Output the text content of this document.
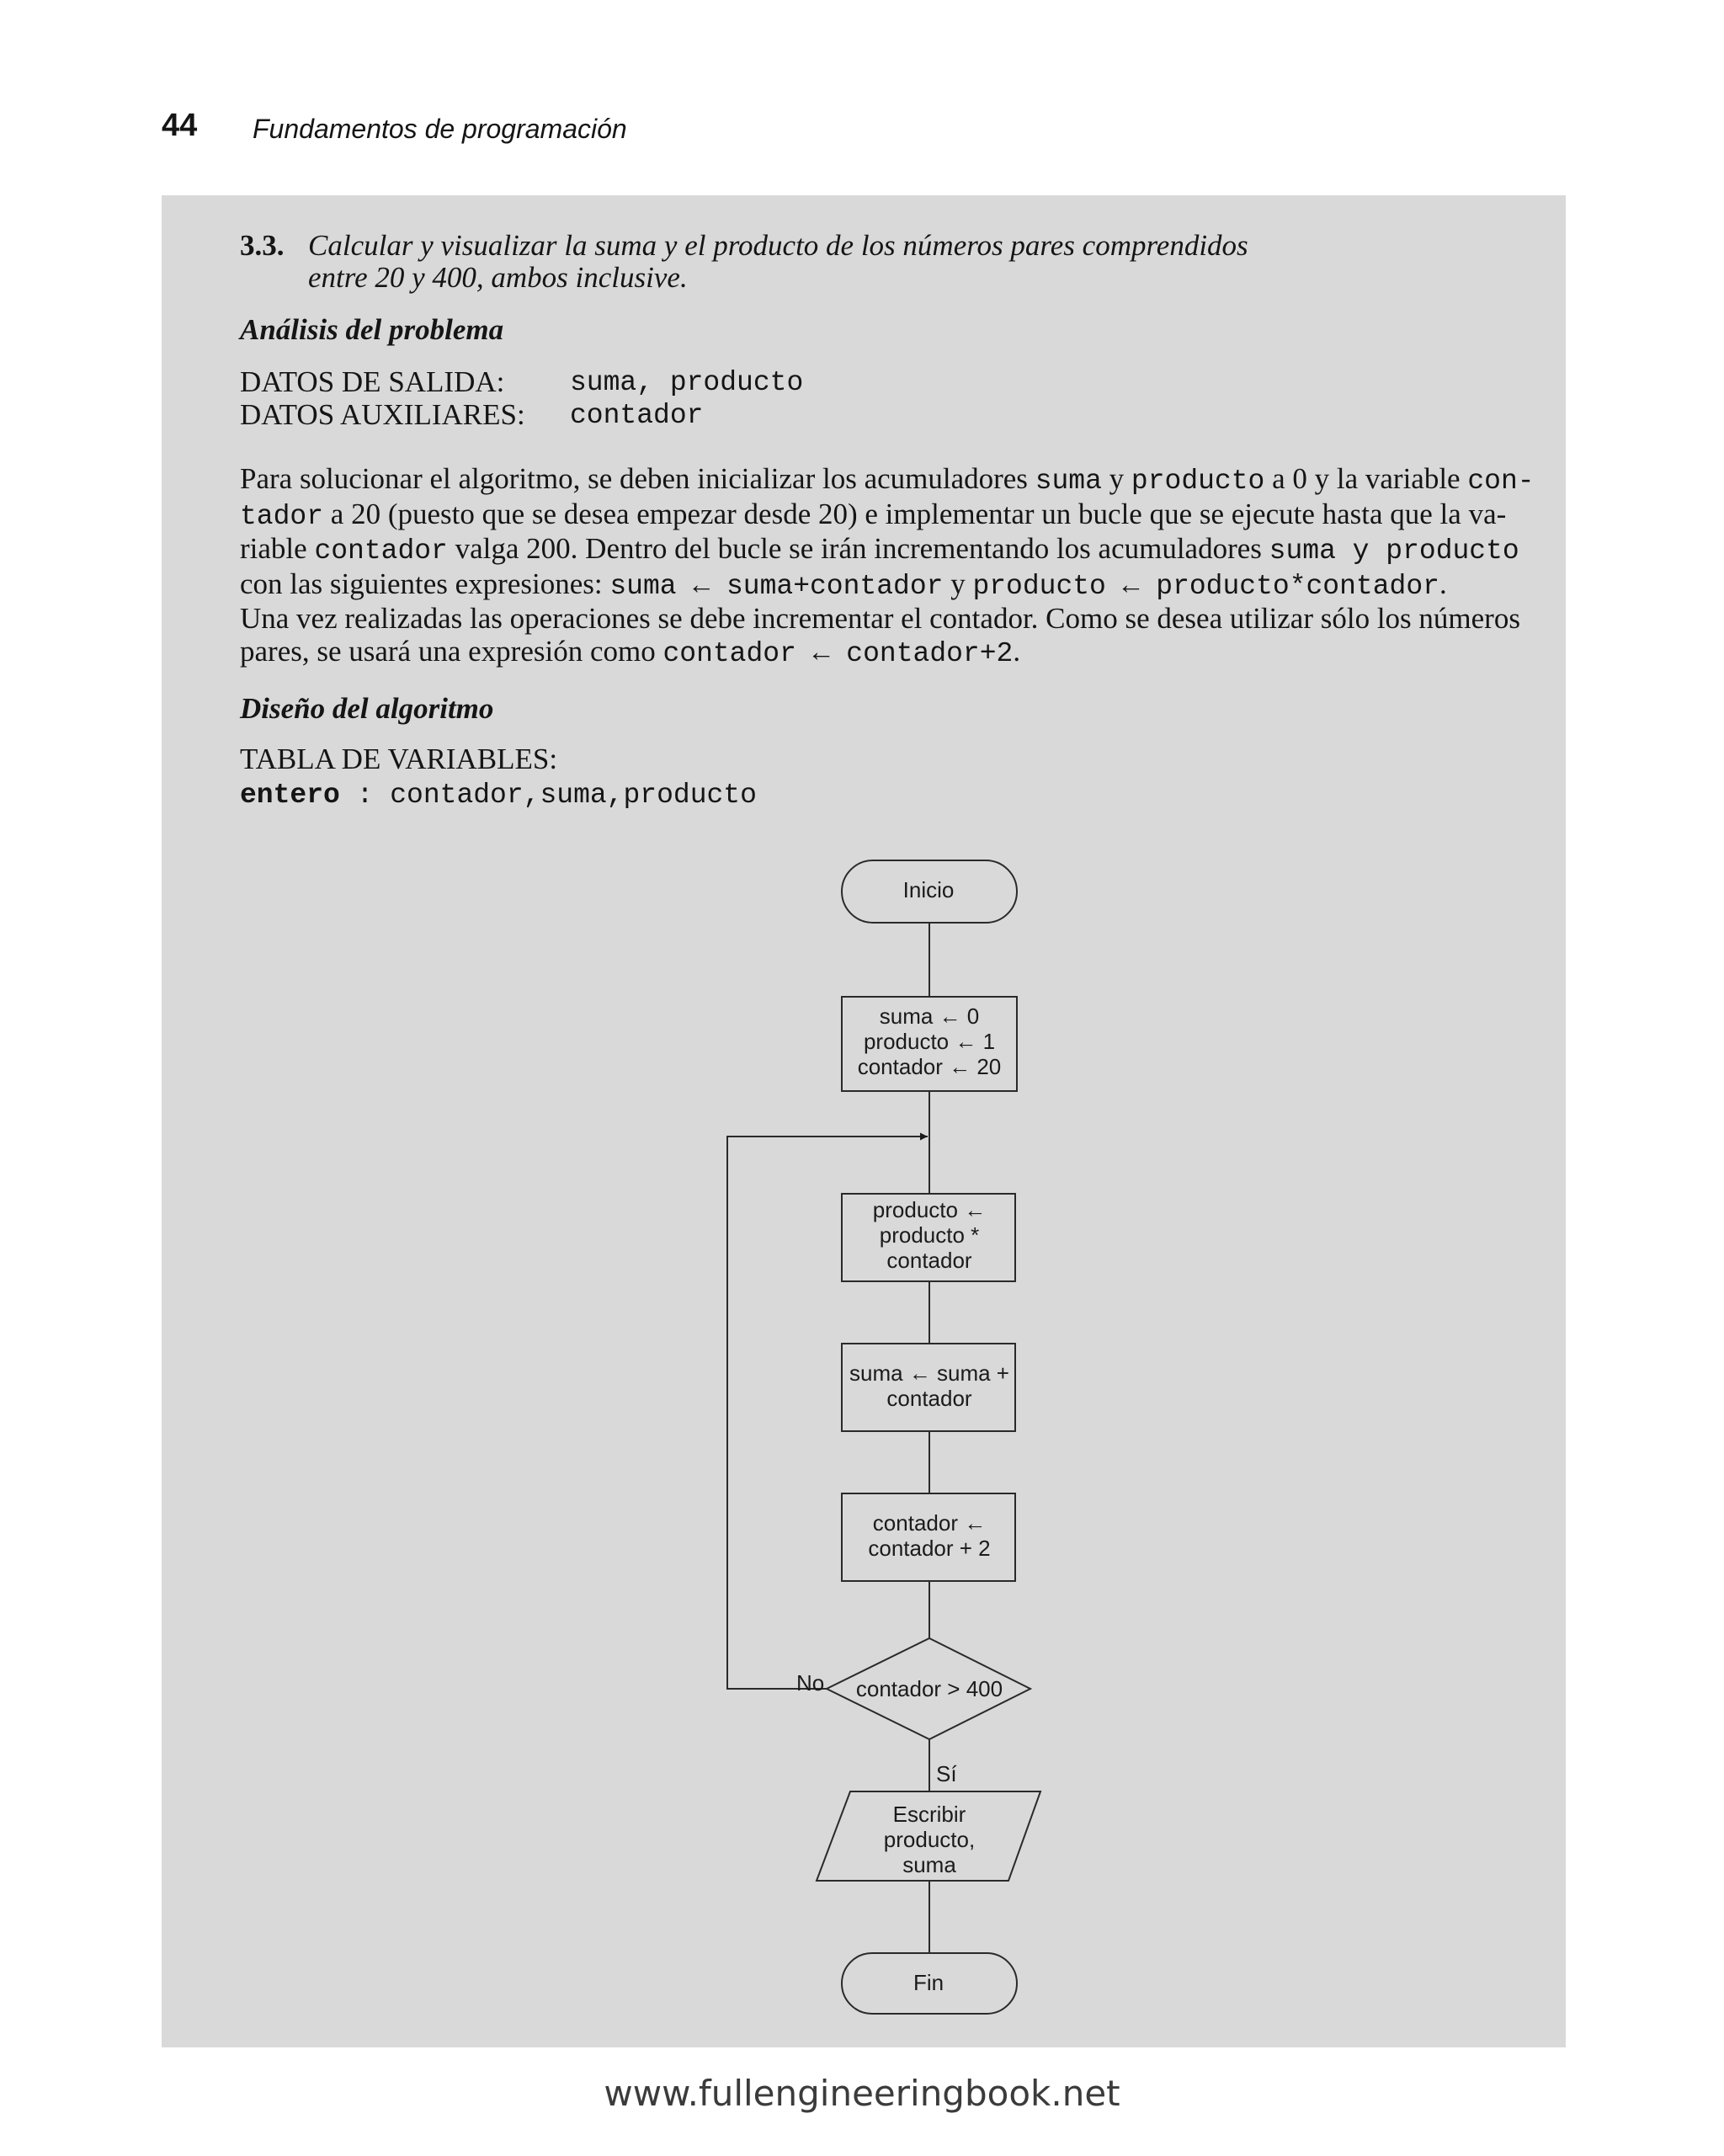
44 Fundamentos de programación
3.3. Calcular y visualizar la suma y el producto de los números pares comprendidos
entre 20 y 400, ambos inclusive.
Análisis del problema
DATOS DE SALIDA: suma, producto
DATOS AUXILIARES: contador
Para solucionar el algoritmo, se deben inicializar los acumuladores suma y producto a 0 y la variable con-
tador a 20 (puesto que se desea empezar desde 20) e implementar un bucle que se ejecute hasta que la va-
riable contador valga 200. Dentro del bucle se irán incrementando los acumuladores suma y producto
con las siguientes expresiones: suma ← suma+contador y producto ← producto*contador.
Una vez realizadas las operaciones se debe incrementar el contador. Como se desea utilizar sólo los números
pares, se usará una expresión como contador ← contador+2.
Diseño del algoritmo
TABLA DE VARIABLES:
entero : contador,suma,producto
Inicio
suma ← 0
producto ← 1
contador ← 20
producto ←
producto *
contador
suma ← suma +
contador
contador ←
contador + 2
contador > 400
Escribir
producto,
suma
Fin
No
Sí
www.fullengineeringbook.net
